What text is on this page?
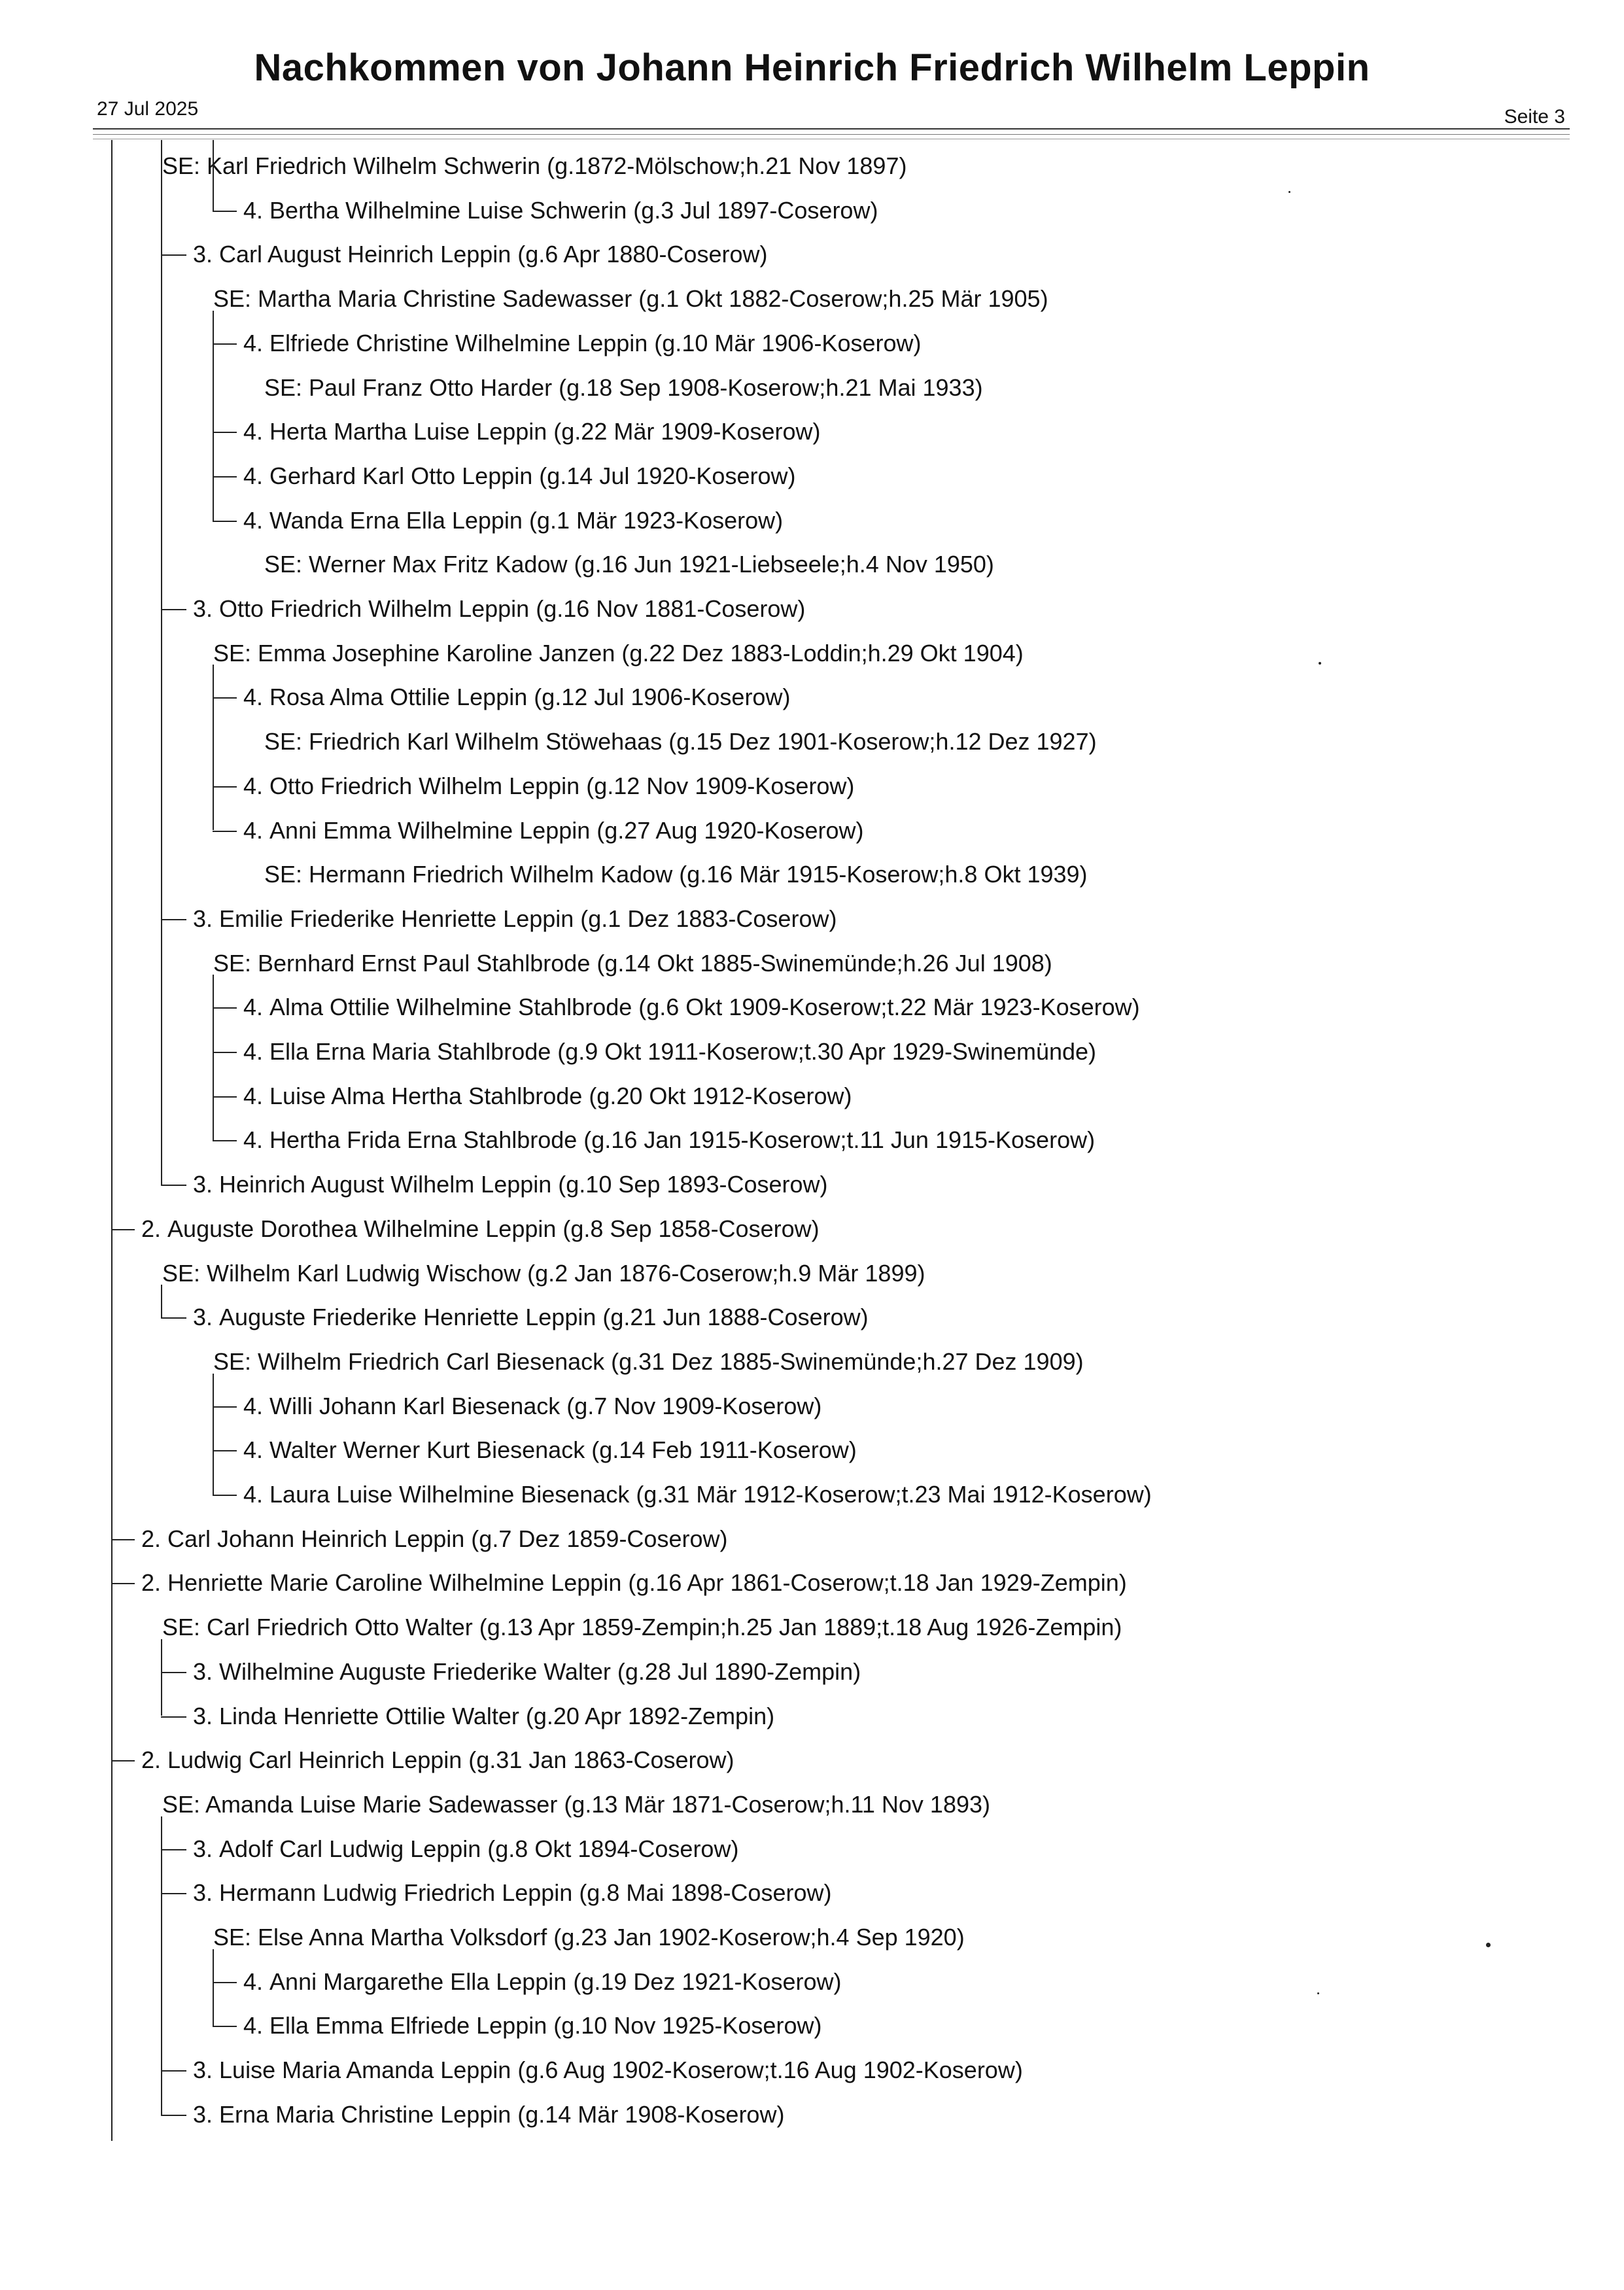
Nachkommen von Johann Heinrich Friedrich Wilhelm Leppin
27 Jul 2025	Seite 3
SE: Karl Friedrich Wilhelm Schwerin (g.1872-Mölschow;h.21 Nov 1897)
4. Bertha Wilhelmine Luise Schwerin (g.3 Jul 1897-Coserow)
3. Carl August Heinrich Leppin (g.6 Apr 1880-Coserow)
SE: Martha Maria Christine Sadewasser (g.1 Okt 1882-Coserow;h.25 Mär 1905)
4. Elfriede Christine Wilhelmine Leppin (g.10 Mär 1906-Koserow)
SE: Paul Franz Otto Harder (g.18 Sep 1908-Koserow;h.21 Mai 1933)
4. Herta Martha Luise Leppin (g.22 Mär 1909-Koserow)
4. Gerhard Karl Otto Leppin (g.14 Jul 1920-Koserow)
4. Wanda Erna Ella Leppin (g.1 Mär 1923-Koserow)
SE: Werner Max Fritz Kadow (g.16 Jun 1921-Liebseele;h.4 Nov 1950)
3. Otto Friedrich Wilhelm Leppin (g.16 Nov 1881-Coserow)
SE: Emma Josephine Karoline Janzen (g.22 Dez 1883-Loddin;h.29 Okt 1904)
4. Rosa Alma Ottilie Leppin (g.12 Jul 1906-Koserow)
SE: Friedrich Karl Wilhelm Stöwehaas (g.15 Dez 1901-Koserow;h.12 Dez 1927)
4. Otto Friedrich Wilhelm Leppin (g.12 Nov 1909-Koserow)
4. Anni Emma Wilhelmine Leppin (g.27 Aug 1920-Koserow)
SE: Hermann Friedrich Wilhelm Kadow (g.16 Mär 1915-Koserow;h.8 Okt 1939)
3. Emilie Friederike Henriette Leppin (g.1 Dez 1883-Coserow)
SE: Bernhard Ernst Paul Stahlbrode (g.14 Okt 1885-Swinemünde;h.26 Jul 1908)
4. Alma Ottilie Wilhelmine Stahlbrode (g.6 Okt 1909-Koserow;t.22 Mär 1923-Koserow)
4. Ella Erna Maria Stahlbrode (g.9 Okt 1911-Koserow;t.30 Apr 1929-Swinemünde)
4. Luise Alma Hertha Stahlbrode (g.20 Okt 1912-Koserow)
4. Hertha Frida Erna Stahlbrode (g.16 Jan 1915-Koserow;t.11 Jun 1915-Koserow)
3. Heinrich August Wilhelm Leppin (g.10 Sep 1893-Coserow)
2. Auguste Dorothea Wilhelmine Leppin (g.8 Sep 1858-Coserow)
SE: Wilhelm Karl Ludwig Wischow (g.2 Jan 1876-Coserow;h.9 Mär 1899)
3. Auguste Friederike Henriette Leppin (g.21 Jun 1888-Coserow)
SE: Wilhelm Friedrich Carl Biesenack (g.31 Dez 1885-Swinemünde;h.27 Dez 1909)
4. Willi Johann Karl Biesenack (g.7 Nov 1909-Koserow)
4. Walter Werner Kurt Biesenack (g.14 Feb 1911-Koserow)
4. Laura Luise Wilhelmine Biesenack (g.31 Mär 1912-Koserow;t.23 Mai 1912-Koserow)
2. Carl Johann Heinrich Leppin (g.7 Dez 1859-Coserow)
2. Henriette Marie Caroline Wilhelmine Leppin (g.16 Apr 1861-Coserow;t.18 Jan 1929-Zempin)
SE: Carl Friedrich Otto Walter (g.13 Apr 1859-Zempin;h.25 Jan 1889;t.18 Aug 1926-Zempin)
3. Wilhelmine Auguste Friederike Walter (g.28 Jul 1890-Zempin)
3. Linda Henriette Ottilie Walter (g.20 Apr 1892-Zempin)
2. Ludwig Carl Heinrich Leppin (g.31 Jan 1863-Coserow)
SE: Amanda Luise Marie Sadewasser (g.13 Mär 1871-Coserow;h.11 Nov 1893)
3. Adolf Carl Ludwig Leppin (g.8 Okt 1894-Coserow)
3. Hermann Ludwig Friedrich Leppin (g.8 Mai 1898-Coserow)
SE: Else Anna Martha Volksdorf (g.23 Jan 1902-Koserow;h.4 Sep 1920)
4. Anni Margarethe Ella Leppin (g.19 Dez 1921-Koserow)
4. Ella Emma Elfriede Leppin (g.10 Nov 1925-Koserow)
3. Luise Maria Amanda Leppin (g.6 Aug 1902-Koserow;t.16 Aug 1902-Koserow)
3. Erna Maria Christine Leppin (g.14 Mär 1908-Koserow)
